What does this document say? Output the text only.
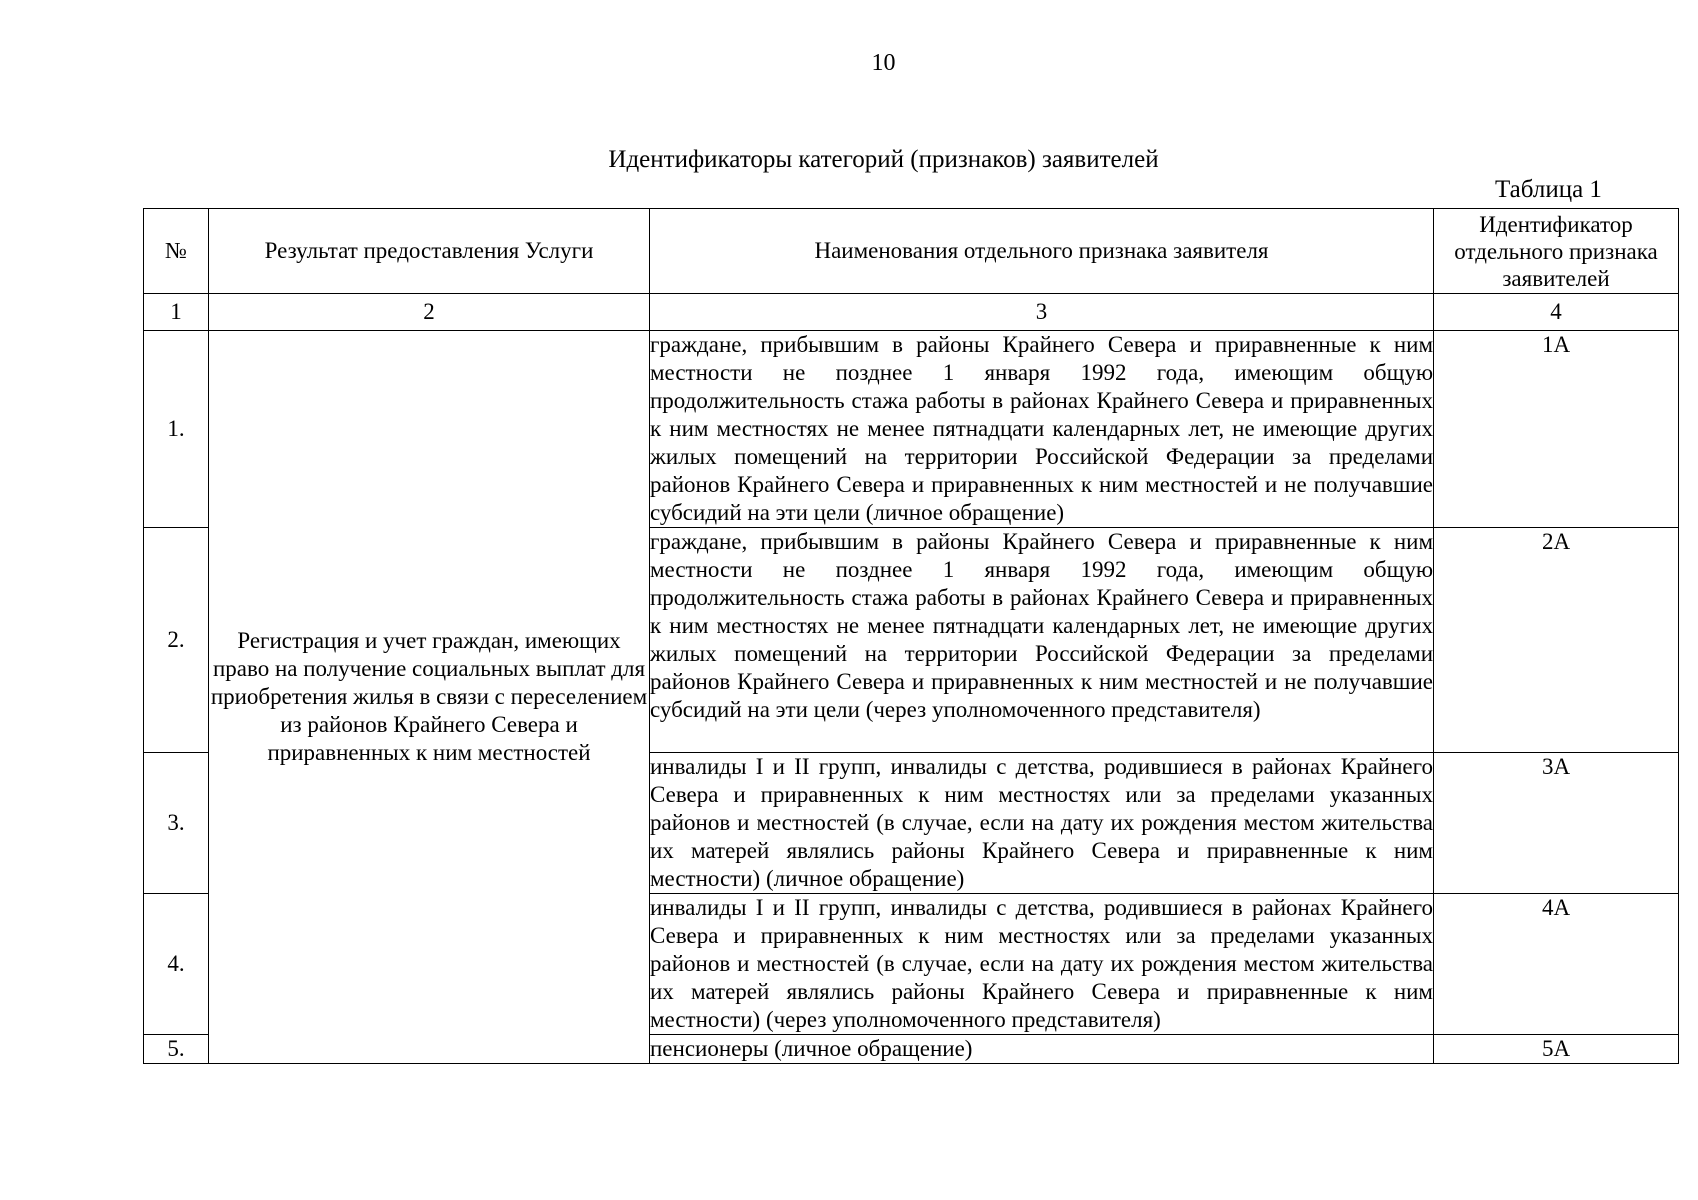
10
Идентификаторы категорий (признаков) заявителей
Таблица 1
№	Результат предоставления Услуги	Наименования отдельного признака заявителя	Идентификатор отдельного признака заявителей
1	2	3	4
1.	Регистрация и учет граждан, имеющих право на получение социальных выплат для приобретения жилья в связи с переселением из районов Крайнего Севера и приравненных к ним местностей	граждане, прибывшим в районы Крайнего Севера и приравненные к ним местности не позднее 1 января 1992 года, имеющим общую продолжительность стажа работы в районах Крайнего Севера и приравненных к ним местностях не менее пятнадцати календарных лет, не имеющие других жилых помещений на территории Российской Федерации за пределами районов Крайнего Севера и приравненных к ним местностей и не получавшие субсидий на эти цели (личное обращение)	1А
2.		граждане, прибывшим в районы Крайнего Севера и приравненные к ним местности не позднее 1 января 1992 года, имеющим общую продолжительность стажа работы в районах Крайнего Севера и приравненных к ним местностях не менее пятнадцати календарных лет, не имеющие других жилых помещений на территории Российской Федерации за пределами районов Крайнего Севера и приравненных к ним местностей и не получавшие субсидий на эти цели (через уполномоченного представителя)	2А
3.		инвалиды I и II групп, инвалиды с детства, родившиеся в районах Крайнего Севера и приравненных к ним местностях или за пределами указанных районов и местностей (в случае, если на дату их рождения местом жительства их матерей являлись районы Крайнего Севера и приравненные к ним местности) (личное обращение)	3А
4.		инвалиды I и II групп, инвалиды с детства, родившиеся в районах Крайнего Севера и приравненных к ним местностях или за пределами указанных районов и местностей (в случае, если на дату их рождения местом жительства их матерей являлись районы Крайнего Севера и приравненные к ним местности) (через уполномоченного представителя)	4А
5.		пенсионеры (личное обращение)	5А
